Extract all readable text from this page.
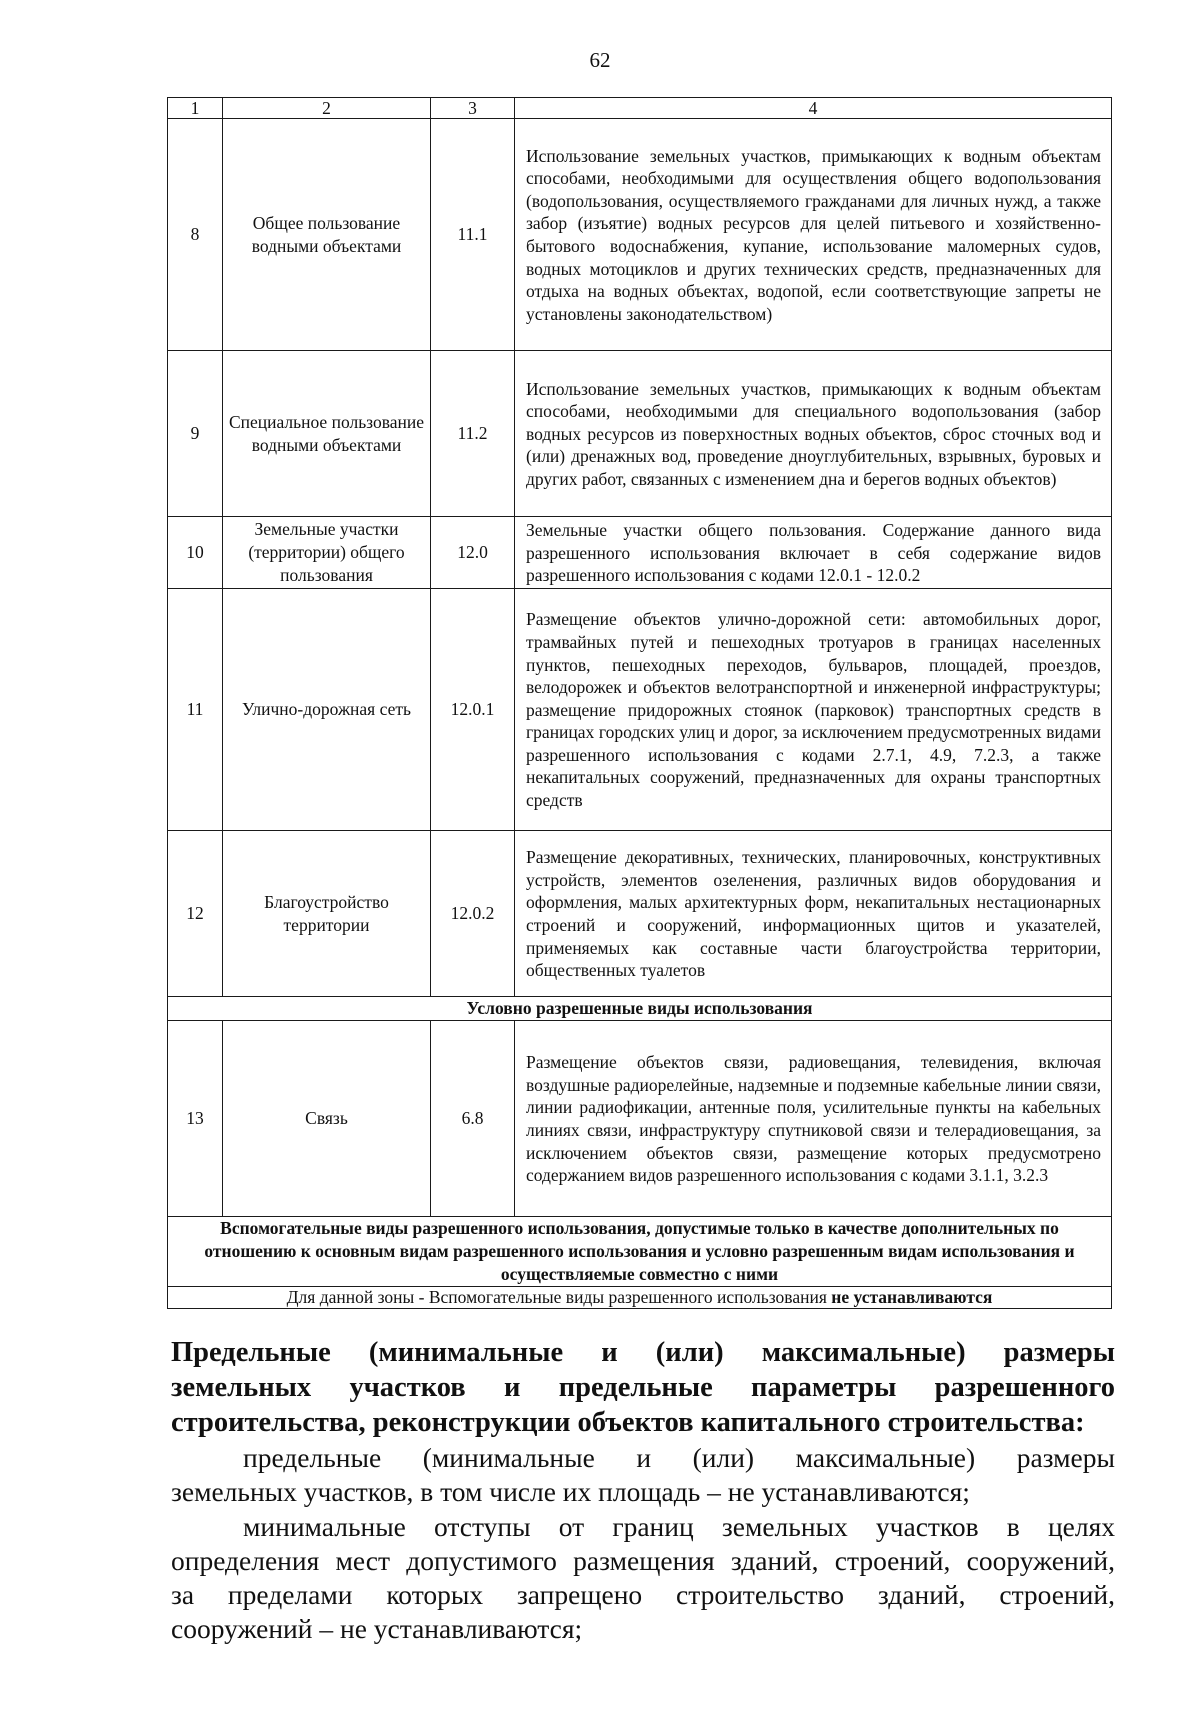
62
1	2	3	4
8	Общее пользование водными объектами	11.1	Использование земельных участков, примыкающих к водным объектам способами, необходимыми для осуществления общего водопользования (водопользования, осуществляемого гражданами для личных нужд, а также забор (изъятие) водных ресурсов для целей питьевого и хозяйственно-бытового водоснабжения, купание, использование маломерных судов, водных мотоциклов и других технических средств, предназначенных для отдыха на водных объектах, водопой, если соответствующие запреты не установлены законодательством)
9	Специальное пользование водными объектами	11.2	Использование земельных участков, примыкающих к водным объектам способами, необходимыми для специального водопользования (забор водных ресурсов из поверхностных водных объектов, сброс сточных вод и (или) дренажных вод, проведение дноуглубительных, взрывных, буровых и других работ, связанных с изменением дна и берегов водных объектов)
10	Земельные участки (территории) общего пользования	12.0	Земельные участки общего пользования. Содержание данного вида разрешенного использования включает в себя содержание видов разрешенного использования с кодами 12.0.1 - 12.0.2
11	Улично-дорожная сеть	12.0.1	Размещение объектов улично-дорожной сети: автомобильных дорог, трамвайных путей и пешеходных тротуаров в границах населенных пунктов, пешеходных переходов, бульваров, площадей, проездов, велодорожек и объектов велотранспортной и инженерной инфраструктуры; размещение придорожных стоянок (парковок) транспортных средств в границах городских улиц и дорог, за исключением предусмотренных видами разрешенного использования с кодами 2.7.1, 4.9, 7.2.3, а также некапитальных сооружений, предназначенных для охраны транспортных средств
12	Благоустройство территории	12.0.2	Размещение декоративных, технических, планировочных, конструктивных устройств, элементов озеленения, различных видов оборудования и оформления, малых архитектурных форм, некапитальных нестационарных строений и сооружений, информационных щитов и указателей, применяемых как составные части благоустройства территории, общественных туалетов
Условно разрешенные виды использования			
13	Связь	6.8	Размещение объектов связи, радиовещания, телевидения, включая воздушные радиорелейные, надземные и подземные кабельные линии связи, линии радиофикации, антенные поля, усилительные пункты на кабельных линиях связи, инфраструктуру спутниковой связи и телерадиовещания, за исключением объектов связи, размещение которых предусмотрено содержанием видов разрешенного использования с кодами 3.1.1, 3.2.3
Вспомогательные виды разрешенного использования, допустимые только в качестве дополнительных по отношению к основным видам разрешенного использования и условно разрешенным видам использования и осуществляемые совместно с ними			
Для данной зоны - Вспомогательные виды разрешенного использования не устанавливаются			
Предельные (минимальные и (или) максимальные) размеры
земельных участков и предельные параметры разрешенного
строительства, реконструкции объектов капитального строительства:
предельные (минимальные и (или) максимальные) размеры
земельных участков, в том числе их площадь – не устанавливаются;
минимальные отступы от границ земельных участков в целях
определения мест допустимого размещения зданий, строений, сооружений,
за пределами которых запрещено строительство зданий, строений,
сооружений – не устанавливаются;
